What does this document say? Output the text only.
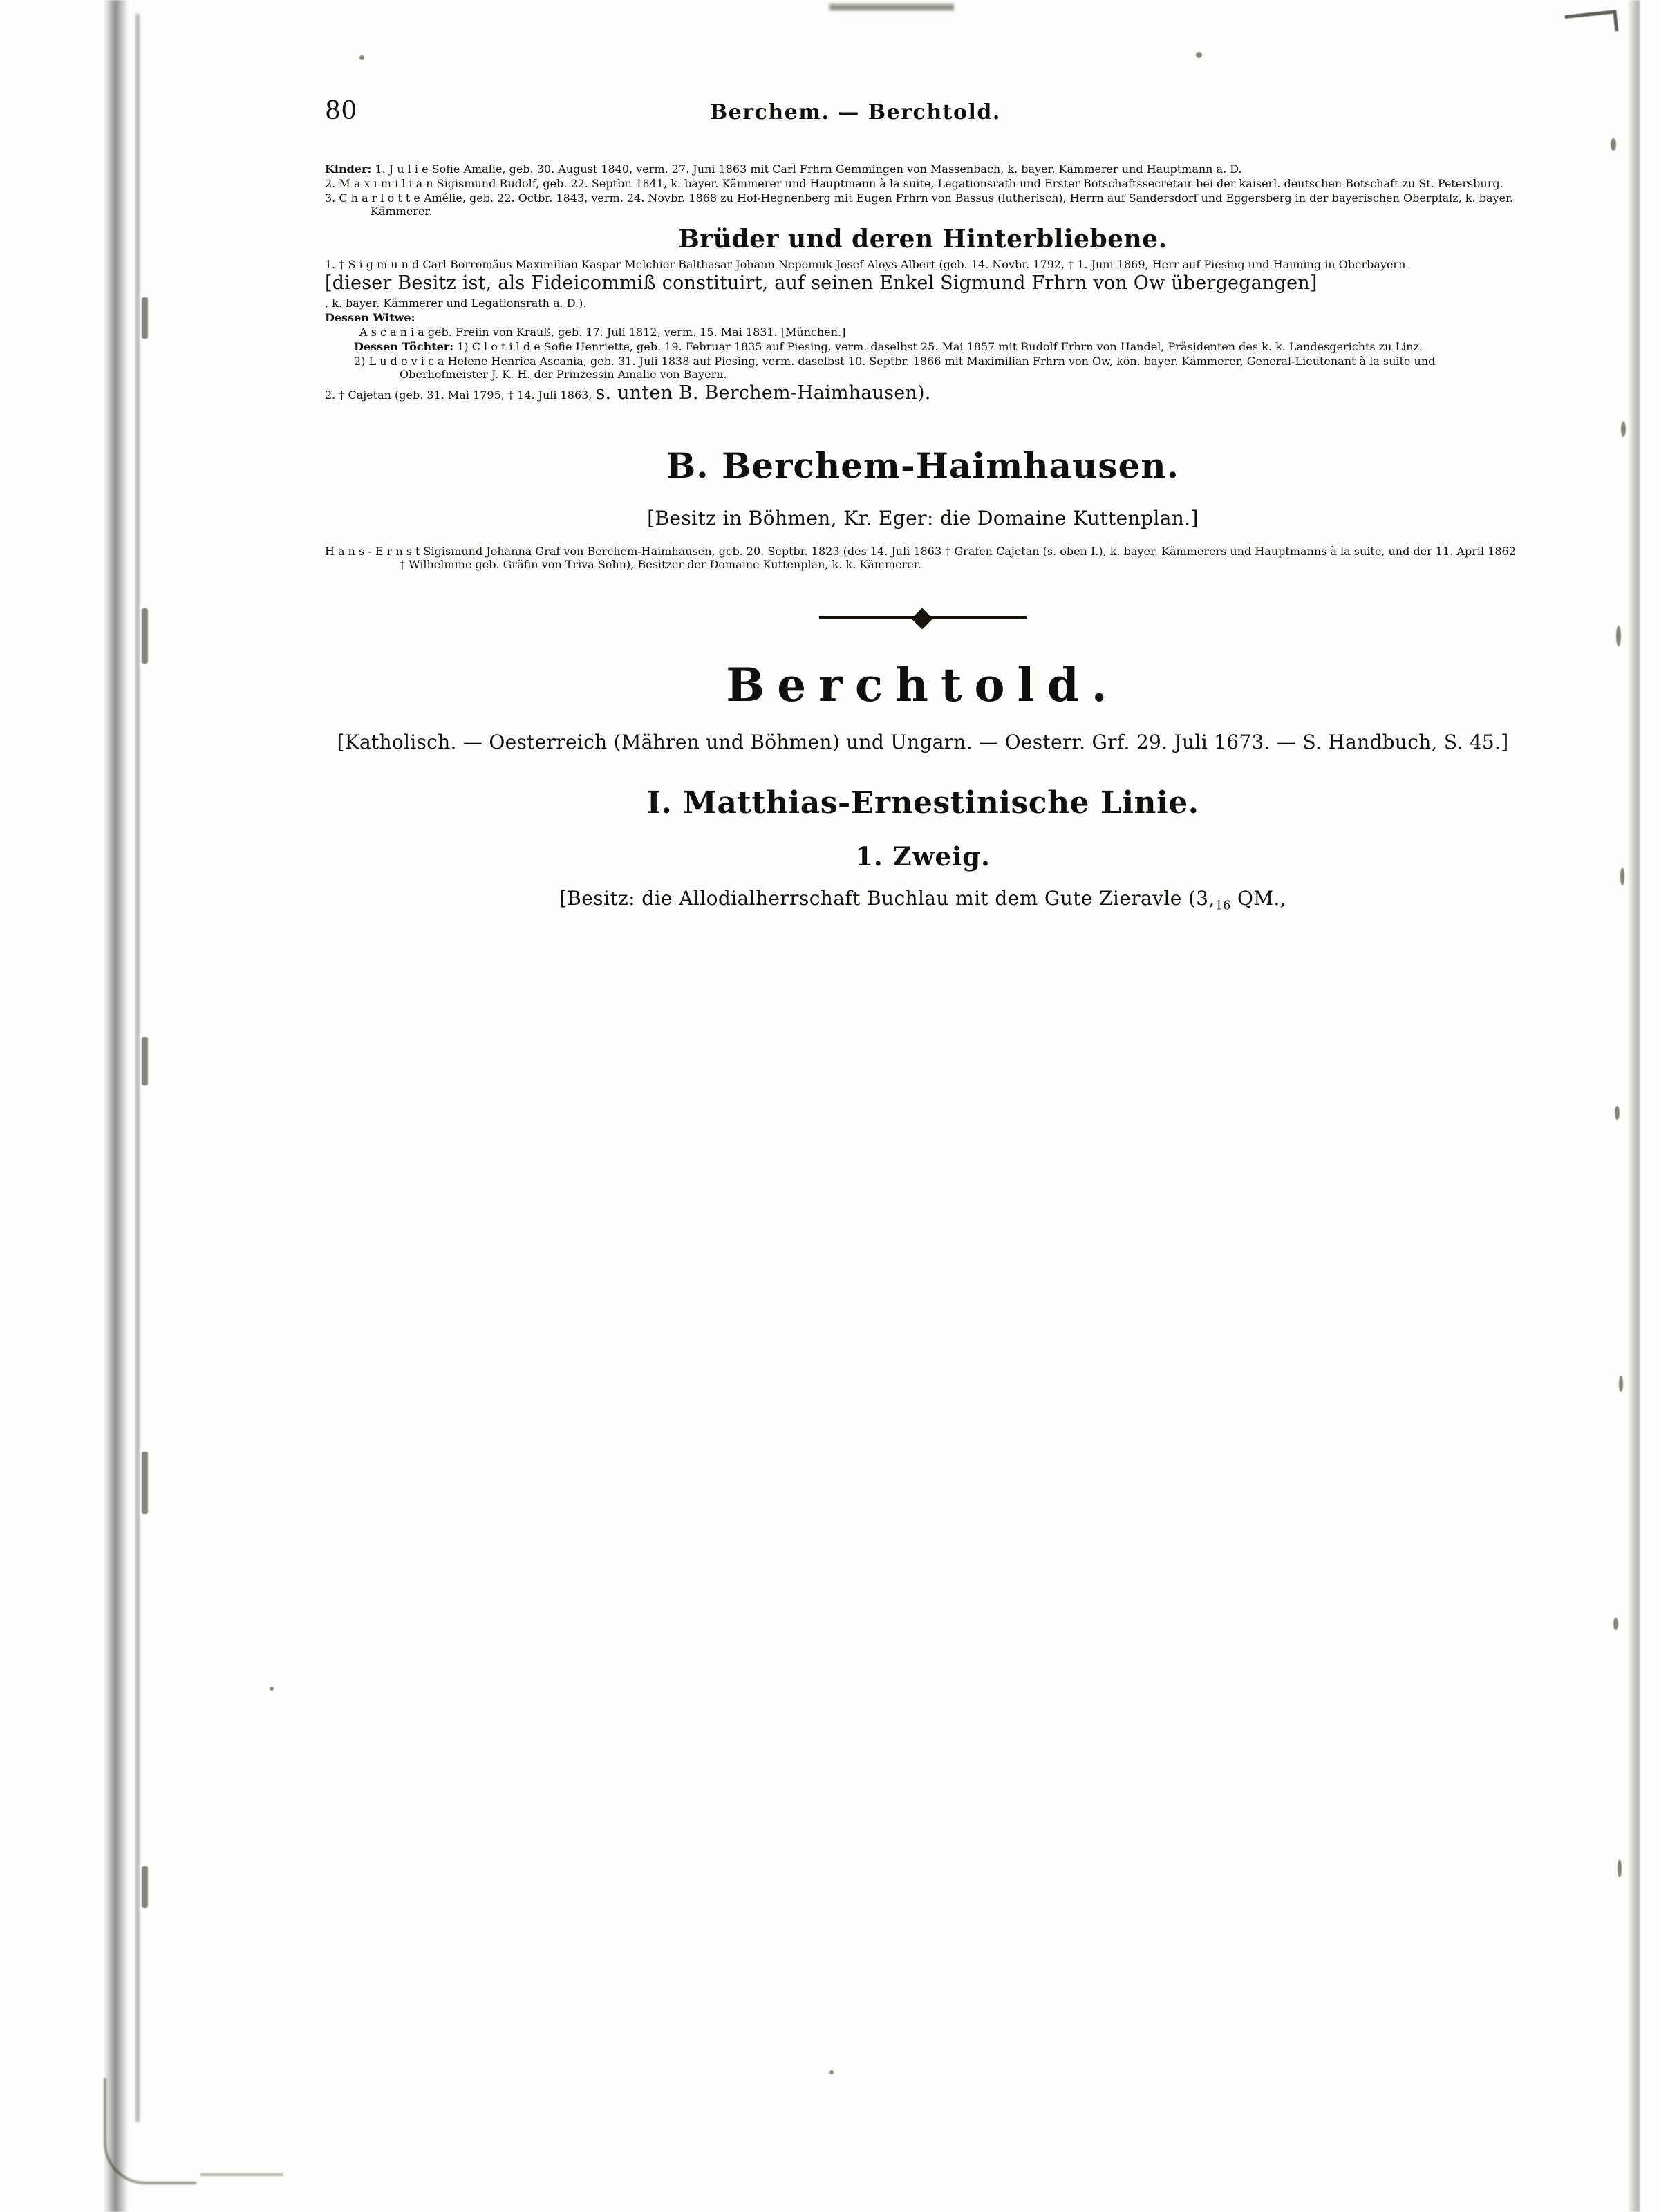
80	Berchem. — Berchtold.
Kinder: 1. J u l i e Sofie Amalie, geb. 30. August 1840, verm. 27. Juni 1863 mit Carl Frhrn Gemmingen von Massenbach, k. bayer. Kämmerer und Hauptmann a. D.
2. M a x i m i l i a n Sigismund Rudolf, geb. 22. Septbr. 1841, k. bayer. Kämmerer und Hauptmann à la suite, Legationsrath und Erster Botschaftssecretair bei der kaiserl. deutschen Botschaft zu St. Petersburg.
3. C h a r l o t t e Amélie, geb. 22. Octbr. 1843, verm. 24. Novbr. 1868 zu Hof-Hegnenberg mit Eugen Frhrn von Bassus (lutherisch), Herrn auf Sandersdorf und Eggersberg in der bayerischen Oberpfalz, k. bayer. Kämmerer.
Brüder und deren Hinterbliebene.
1. † S i g m u n d Carl Borromäus Maximilian Kaspar Melchior Balthasar Johann Nepomuk Josef Aloys Albert (geb. 14. Novbr. 1792, † 1. Juni 1869, Herr auf Piesing und Haiming in Oberbayern
[dieser Besitz ist, als Fideicommiß constituirt, auf seinen Enkel Sigmund Frhrn von Ow übergegangen]
, k. bayer. Kämmerer und Legationsrath a. D.).
Dessen Witwe:
A s c a n i a geb. Freiin von Krauß, geb. 17. Juli 1812, verm. 15. Mai 1831. [München.]
Dessen Töchter: 1) C l o t i l d e Sofie Henriette, geb. 19. Februar 1835 auf Piesing, verm. daselbst 25. Mai 1857 mit Rudolf Frhrn von Handel, Präsidenten des k. k. Landesgerichts zu Linz.
2) L u d o v i c a Helene Henrica Ascania, geb. 31. Juli 1838 auf Piesing, verm. daselbst 10. Septbr. 1866 mit Maximilian Frhrn von Ow, kön. bayer. Kämmerer, General-Lieutenant à la suite und Oberhofmeister J. K. H. der Prinzessin Amalie von Bayern.
2. † Cajetan (geb. 31. Mai 1795, † 14. Juli 1863, s. unten B. Berchem-Haimhausen).
B. Berchem-Haimhausen.
[Besitz in Böhmen, Kr. Eger: die Domaine Kuttenplan.]
H a n s - E r n s t Sigismund Johanna Graf von Berchem-Haimhausen, geb. 20. Septbr. 1823 (des 14. Juli 1863 † Grafen Cajetan (s. oben I.), k. bayer. Kämmerers und Hauptmanns à la suite, und der 11. April 1862 † Wilhelmine geb. Gräfin von Triva Sohn), Besitzer der Domaine Kuttenplan, k. k. Kämmerer.
Berchtold.
[Katholisch. — Oesterreich (Mähren und Böhmen) und Ungarn. — Oesterr. Grf. 29. Juli 1673. — S. Handbuch, S. 45.]
I. Matthias-Ernestinische Linie.
1. Zweig.
[Besitz: die Allodialherrschaft Buchlau mit dem Gute Zieravle ($3,_{16}$ QM.,
